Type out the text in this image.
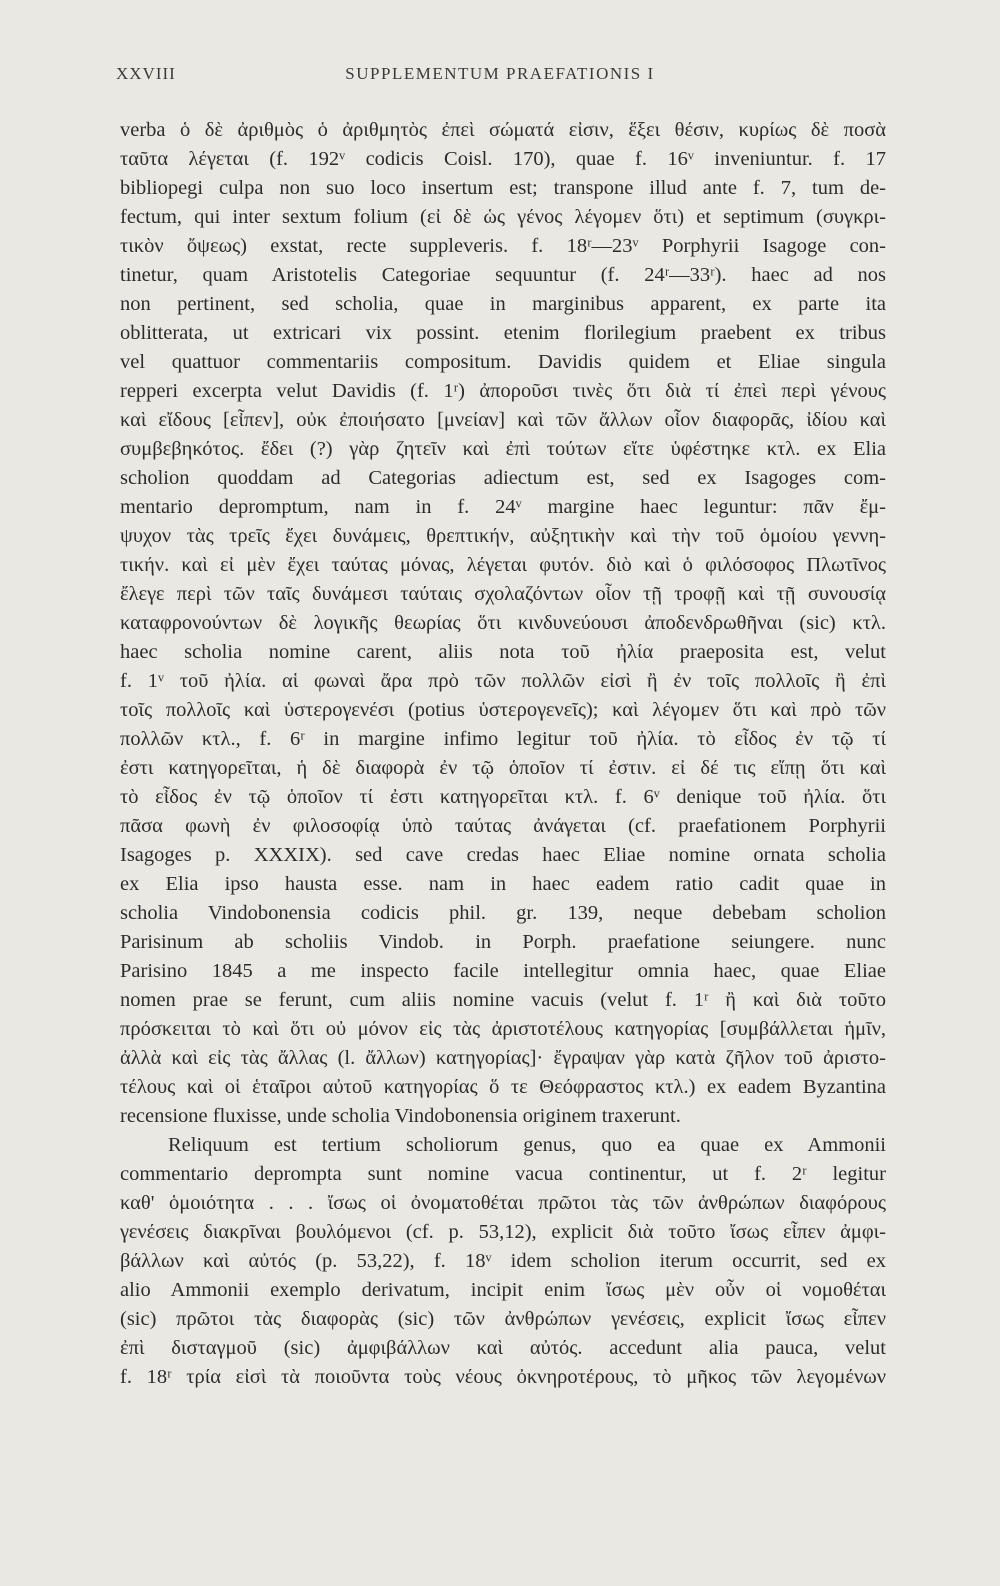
XXVIII	SUPPLEMENTUM PRAEFATIONIS I
verba ὁ δὲ ἀριθμὸς ὁ ἀριθμητὸς ἐπεὶ σώματά εἰσιν, ἕξει θέσιν, κυρίως δὲ ποσὰ
ταῦτα λέγεται (f. 192ᵛ codicis Coisl. 170), quae f. 16ᵛ inveniuntur. f. 17
bibliopegi culpa non suo loco insertum est; transpone illud ante f. 7, tum de-
fectum, qui inter sextum folium (εἰ δὲ ὡς γένος λέγομεν ὅτι) et septimum (συγκρι-
τικὸν ὄψεως) exstat, recte suppleveris. f. 18ʳ—23ᵛ Porphyrii Isagoge con-
tinetur, quam Aristotelis Categoriae sequuntur (f. 24ʳ—33ʳ). haec ad nos
non pertinent, sed scholia, quae in marginibus apparent, ex parte ita
oblitterata, ut extricari vix possint. etenim florilegium praebent ex tribus
vel quattuor commentariis compositum. Davidis quidem et Eliae singula
repperi excerpta velut Davidis (f. 1ʳ) ἀποροῦσι τινὲς ὅτι διὰ τί ἐπεὶ περὶ γένους
καὶ εἴδους [εἶπεν], οὐκ ἐποιήσατο [μνείαν] καὶ τῶν ἄλλων οἷον διαφορᾶς, ἰδίου καὶ
συμβεβηκότος. ἔδει (?) γὰρ ζητεῖν καὶ ἐπὶ τούτων εἴτε ὑφέστηκε κτλ. ex Elia
scholion quoddam ad Categorias adiectum est, sed ex Isagoges com-
mentario depromptum, nam in f. 24ᵛ margine haec leguntur: πᾶν ἔμ-
ψυχον τὰς τρεῖς ἔχει δυνάμεις, θρεπτικήν, αὐξητικὴν καὶ τὴν τοῦ ὁμοίου γεννη-
τικήν. καὶ εἰ μὲν ἔχει ταύτας μόνας, λέγεται φυτόν. διὸ καὶ ὁ φιλόσοφος Πλωτῖνος
ἔλεγε περὶ τῶν ταῖς δυνάμεσι ταύταις σχολαζόντων οἷον τῇ τροφῇ καὶ τῇ συνουσίᾳ
καταφρονούντων δὲ λογικῆς θεωρίας ὅτι κινδυνεύουσι ἀποδενδρωθῆναι (sic) κτλ.
haec scholia nomine carent, aliis nota τοῦ ἠλία praeposita est, velut
f. 1ᵛ τοῦ ἠλία. αἱ φωναὶ ἄρα πρὸ τῶν πολλῶν εἰσὶ ἢ ἐν τοῖς πολλοῖς ἢ ἐπὶ
τοῖς πολλοῖς καὶ ὑστερογενέσι (potius ὑστερογενεῖς); καὶ λέγομεν ὅτι καὶ πρὸ τῶν
πολλῶν κτλ., f. 6ʳ in margine infimo legitur τοῦ ἠλία. τὸ εἶδος ἐν τῷ τί
ἐστι κατηγορεῖται, ἡ δὲ διαφορὰ ἐν τῷ ὁποῖον τί ἐστιν. εἰ δέ τις εἴπῃ ὅτι καὶ
τὸ εἶδος ἐν τῷ ὁποῖον τί ἐστι κατηγορεῖται κτλ. f. 6ᵛ denique τοῦ ἠλία. ὅτι
πᾶσα φωνὴ ἐν φιλοσοφίᾳ ὑπὸ ταύτας ἀνάγεται (cf. praefationem Porphyrii
Isagoges p. XXXIX). sed cave credas haec Eliae nomine ornata scholia
ex Elia ipso hausta esse. nam in haec eadem ratio cadit quae in
scholia Vindobonensia codicis phil. gr. 139, neque debebam scholion
Parisinum ab scholiis Vindob. in Porph. praefatione seiungere. nunc
Parisino 1845 a me inspecto facile intellegitur omnia haec, quae Eliae
nomen prae se ferunt, cum aliis nomine vacuis (velut f. 1ʳ ἢ καὶ διὰ τοῦτο
πρόσκειται τὸ καὶ ὅτι οὐ μόνον εἰς τὰς ἀριστοτέλους κατηγορίας [συμβάλλεται ἡμῖν,
ἀλλὰ καὶ εἰς τὰς ἄλλας (l. ἄλλων) κατηγορίας]· ἔγραψαν γὰρ κατὰ ζῆλον τοῦ ἀριστο-
τέλους καὶ οἱ ἑταῖροι αὐτοῦ κατηγορίας ὅ τε Θεόφραστος κτλ.) ex eadem Byzantina
recensione fluxisse, unde scholia Vindobonensia originem traxerunt.
Reliquum est tertium scholiorum genus, quo ea quae ex Ammonii
commentario deprompta sunt nomine vacua continentur, ut f. 2ʳ legitur
καθ' ὁμοιότητα . . . ἴσως οἱ ὀνοματοθέται πρῶτοι τὰς τῶν ἀνθρώπων διαφόρους
γενέσεις διακρῖναι βουλόμενοι (cf. p. 53,12), explicit διὰ τοῦτο ἴσως εἶπεν ἀμφι-
βάλλων καὶ αὐτός (p. 53,22), f. 18ᵛ idem scholion iterum occurrit, sed ex
alio Ammonii exemplo derivatum, incipit enim ἴσως μὲν οὖν οἱ νομοθέται
(sic) πρῶτοι τὰς διαφορὰς (sic) τῶν ἀνθρώπων γενέσεις, explicit ἴσως εἶπεν
ἐπὶ δισταγμοῦ (sic) ἀμφιβάλλων καὶ αὐτός. accedunt alia pauca, velut
f. 18ʳ τρία εἰσὶ τὰ ποιοῦντα τοὺς νέους ὀκνηροτέρους, τὸ μῆκος τῶν λεγομένων
